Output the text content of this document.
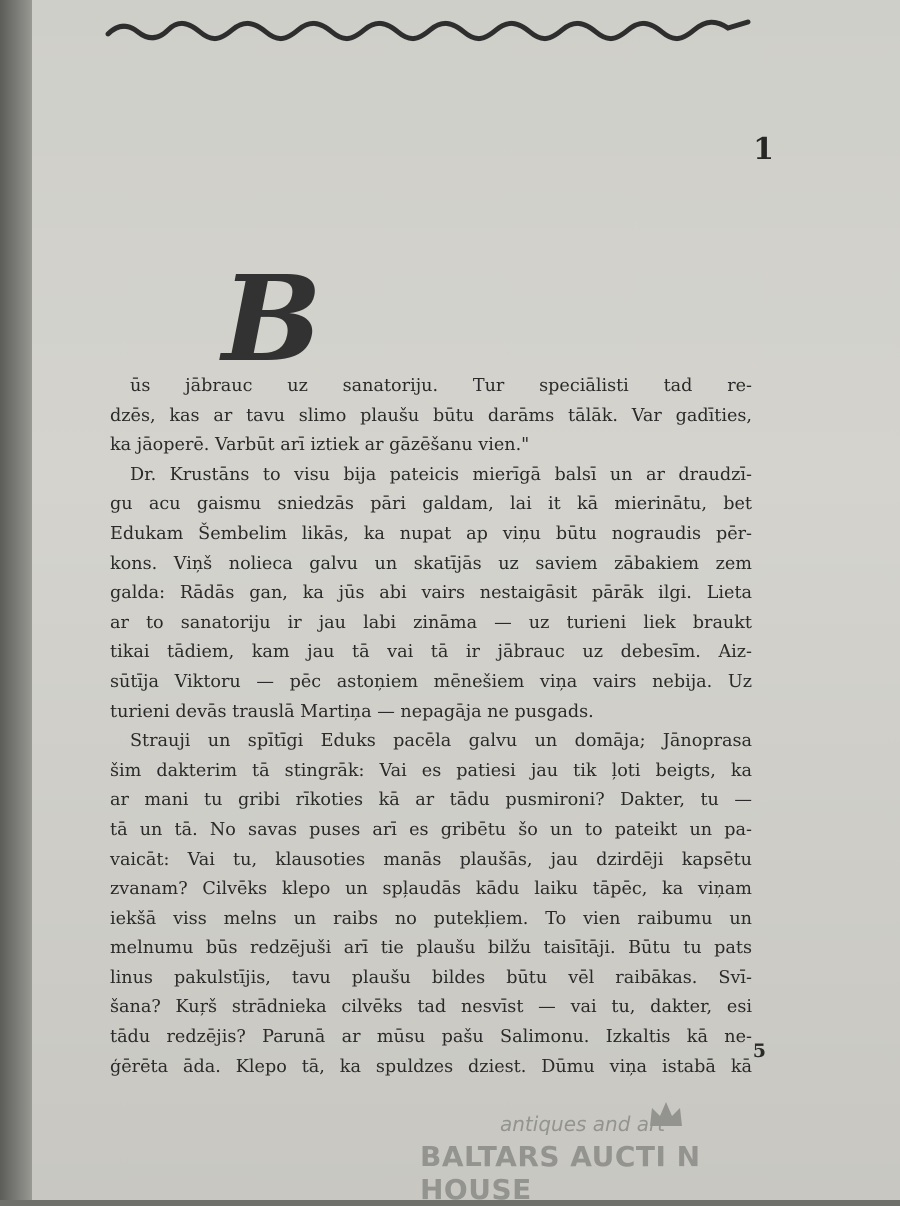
1
B
ūs jābrauc uz sanatoriju. Tur speciālisti tad re-
dzēs, kas ar tavu slimo plaušu būtu darāms tālāk. Var gadīties,
ka jāoperē. Varbūt arī iztiek ar gāzēšanu vien."
Dr. Krustāns to visu bija pateicis mierīgā balsī un ar draudzī-
gu acu gaismu sniedzās pāri galdam, lai it kā mierinātu, bet
Edukam Šembelim likās, ka nupat ap viņu būtu nograudis pēr-
kons. Viņš nolieca galvu un skatījās uz saviem zābakiem zem
galda: Rādās gan, ka jūs abi vairs nestaigāsit pārāk ilgi. Lieta
ar to sanatoriju ir jau labi zināma — uz turieni liek braukt
tikai tādiem, kam jau tā vai tā ir jābrauc uz debesīm. Aiz-
sūtīja Viktoru — pēc astoņiem mēnešiem viņa vairs nebija. Uz
turieni devās trauslā Martiņa — nepagāja ne pusgads.
Strauji un spītīgi Eduks pacēla galvu un domāja; Jānoprasa
šim dakterim tā stingrāk: Vai es patiesi jau tik ļoti beigts, ka
ar mani tu gribi rīkoties kā ar tādu pusmironi? Dakter, tu —
tā un tā. No savas puses arī es gribētu šo un to pateikt un pa-
vaicāt: Vai tu, klausoties manās plaušās, jau dzirdēji kapsētu
zvanam? Cilvēks klepo un spļaudās kādu laiku tāpēc, ka viņam
iekšā viss melns un raibs no putekļiem. To vien raibumu un
melnumu būs redzējuši arī tie plaušu bilžu taisītāji. Būtu tu pats
linus pakulstījis, tavu plaušu bildes būtu vēl raibākas. Svī-
šana? Kuŗš strādnieka cilvēks tad nesvīst — vai tu, dakter, esi
tādu redzējis? Parunā ar mūsu pašu Salimonu. Izkaltis kā ne-
ģērēta āda. Klepo tā, ka spuldzes dziest. Dūmu viņa istabā kā
5
antiques and art
BALTARS AUCTI N HOUSE
